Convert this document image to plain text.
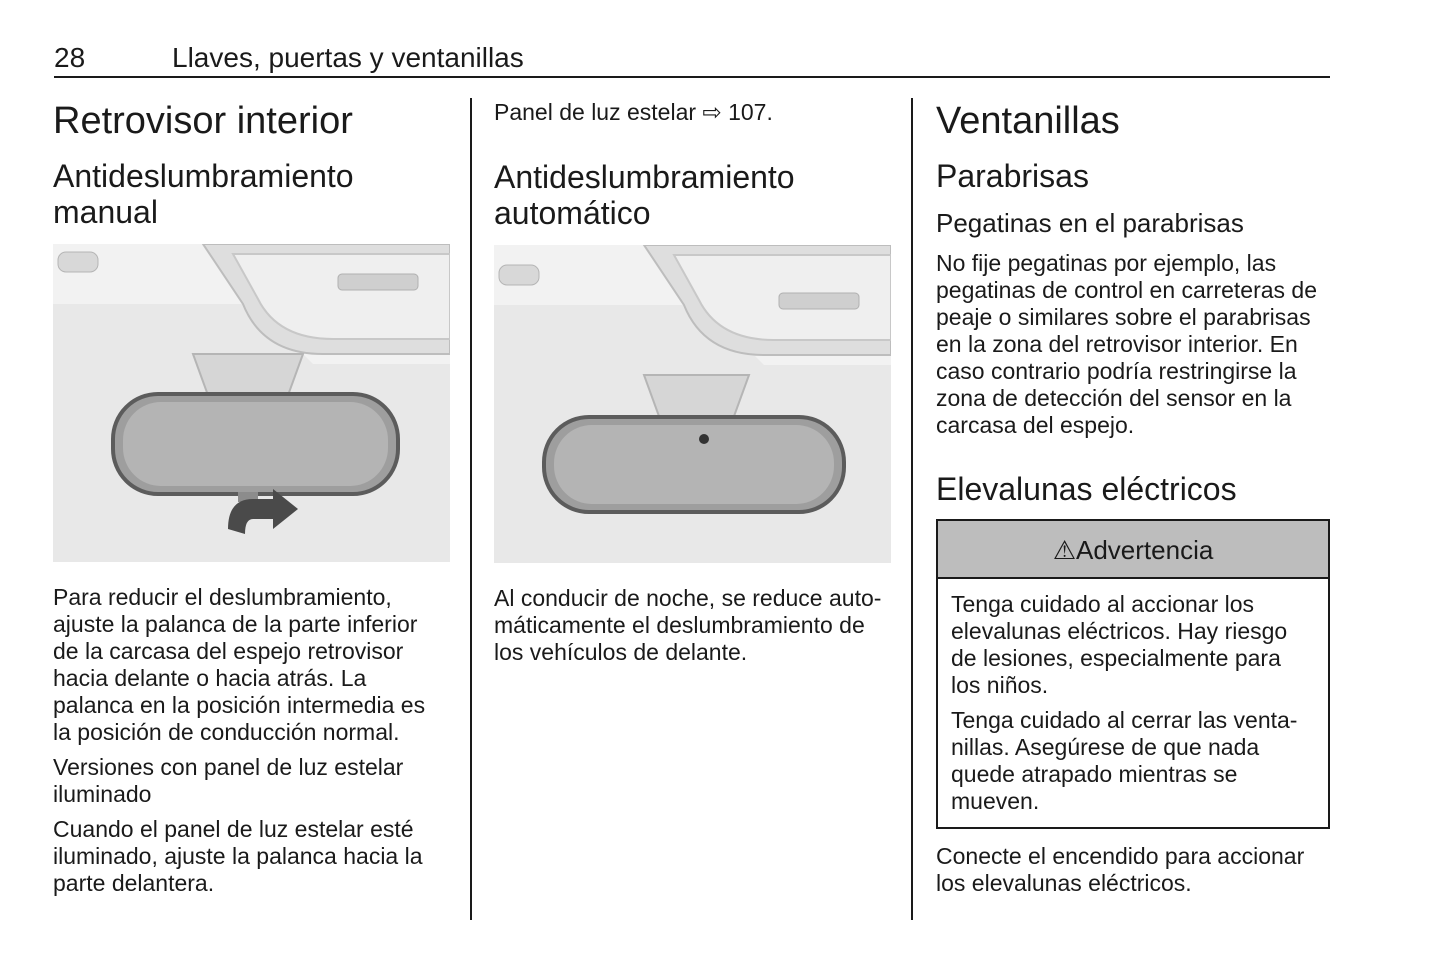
28	Llaves, puertas y ventanillas
Retrovisor interior
Antideslumbramiento
manual

Para reducir el deslumbramiento,

ajuste la palanca de la parte inferior

de la carcasa del espejo retrovisor

hacia delante o hacia atrás. La

palanca en la posición intermedia es

la posición de conducción normal.

Versiones con panel de luz estelar

iluminado

Cuando el panel de luz estelar esté

iluminado, ajuste la palanca hacia la

parte delantera.

Panel de luz estelar ⇨ 107.

Antideslumbramiento
automático

Al conducir de noche, se reduce auto-

máticamente el deslumbramiento de

los vehículos de delante.

Ventanillas
Parabrisas
Pegatinas en el parabrisas

No fije pegatinas por ejemplo, las

pegatinas de control en carreteras de

peaje o similares sobre el parabrisas

en la zona del retrovisor interior. En

caso contrario podría restringirse la

zona de detección del sensor en la

carcasa del espejo.

Elevalunas eléctricos
⚠Advertencia

Tenga cuidado al accionar los

elevalunas eléctricos. Hay riesgo

de lesiones, especialmente para

los niños.

Tenga cuidado al cerrar las venta-

nillas. Asegúrese de que nada

quede atrapado mientras se

mueven.

Conecte el encendido para accionar

los elevalunas eléctricos.
